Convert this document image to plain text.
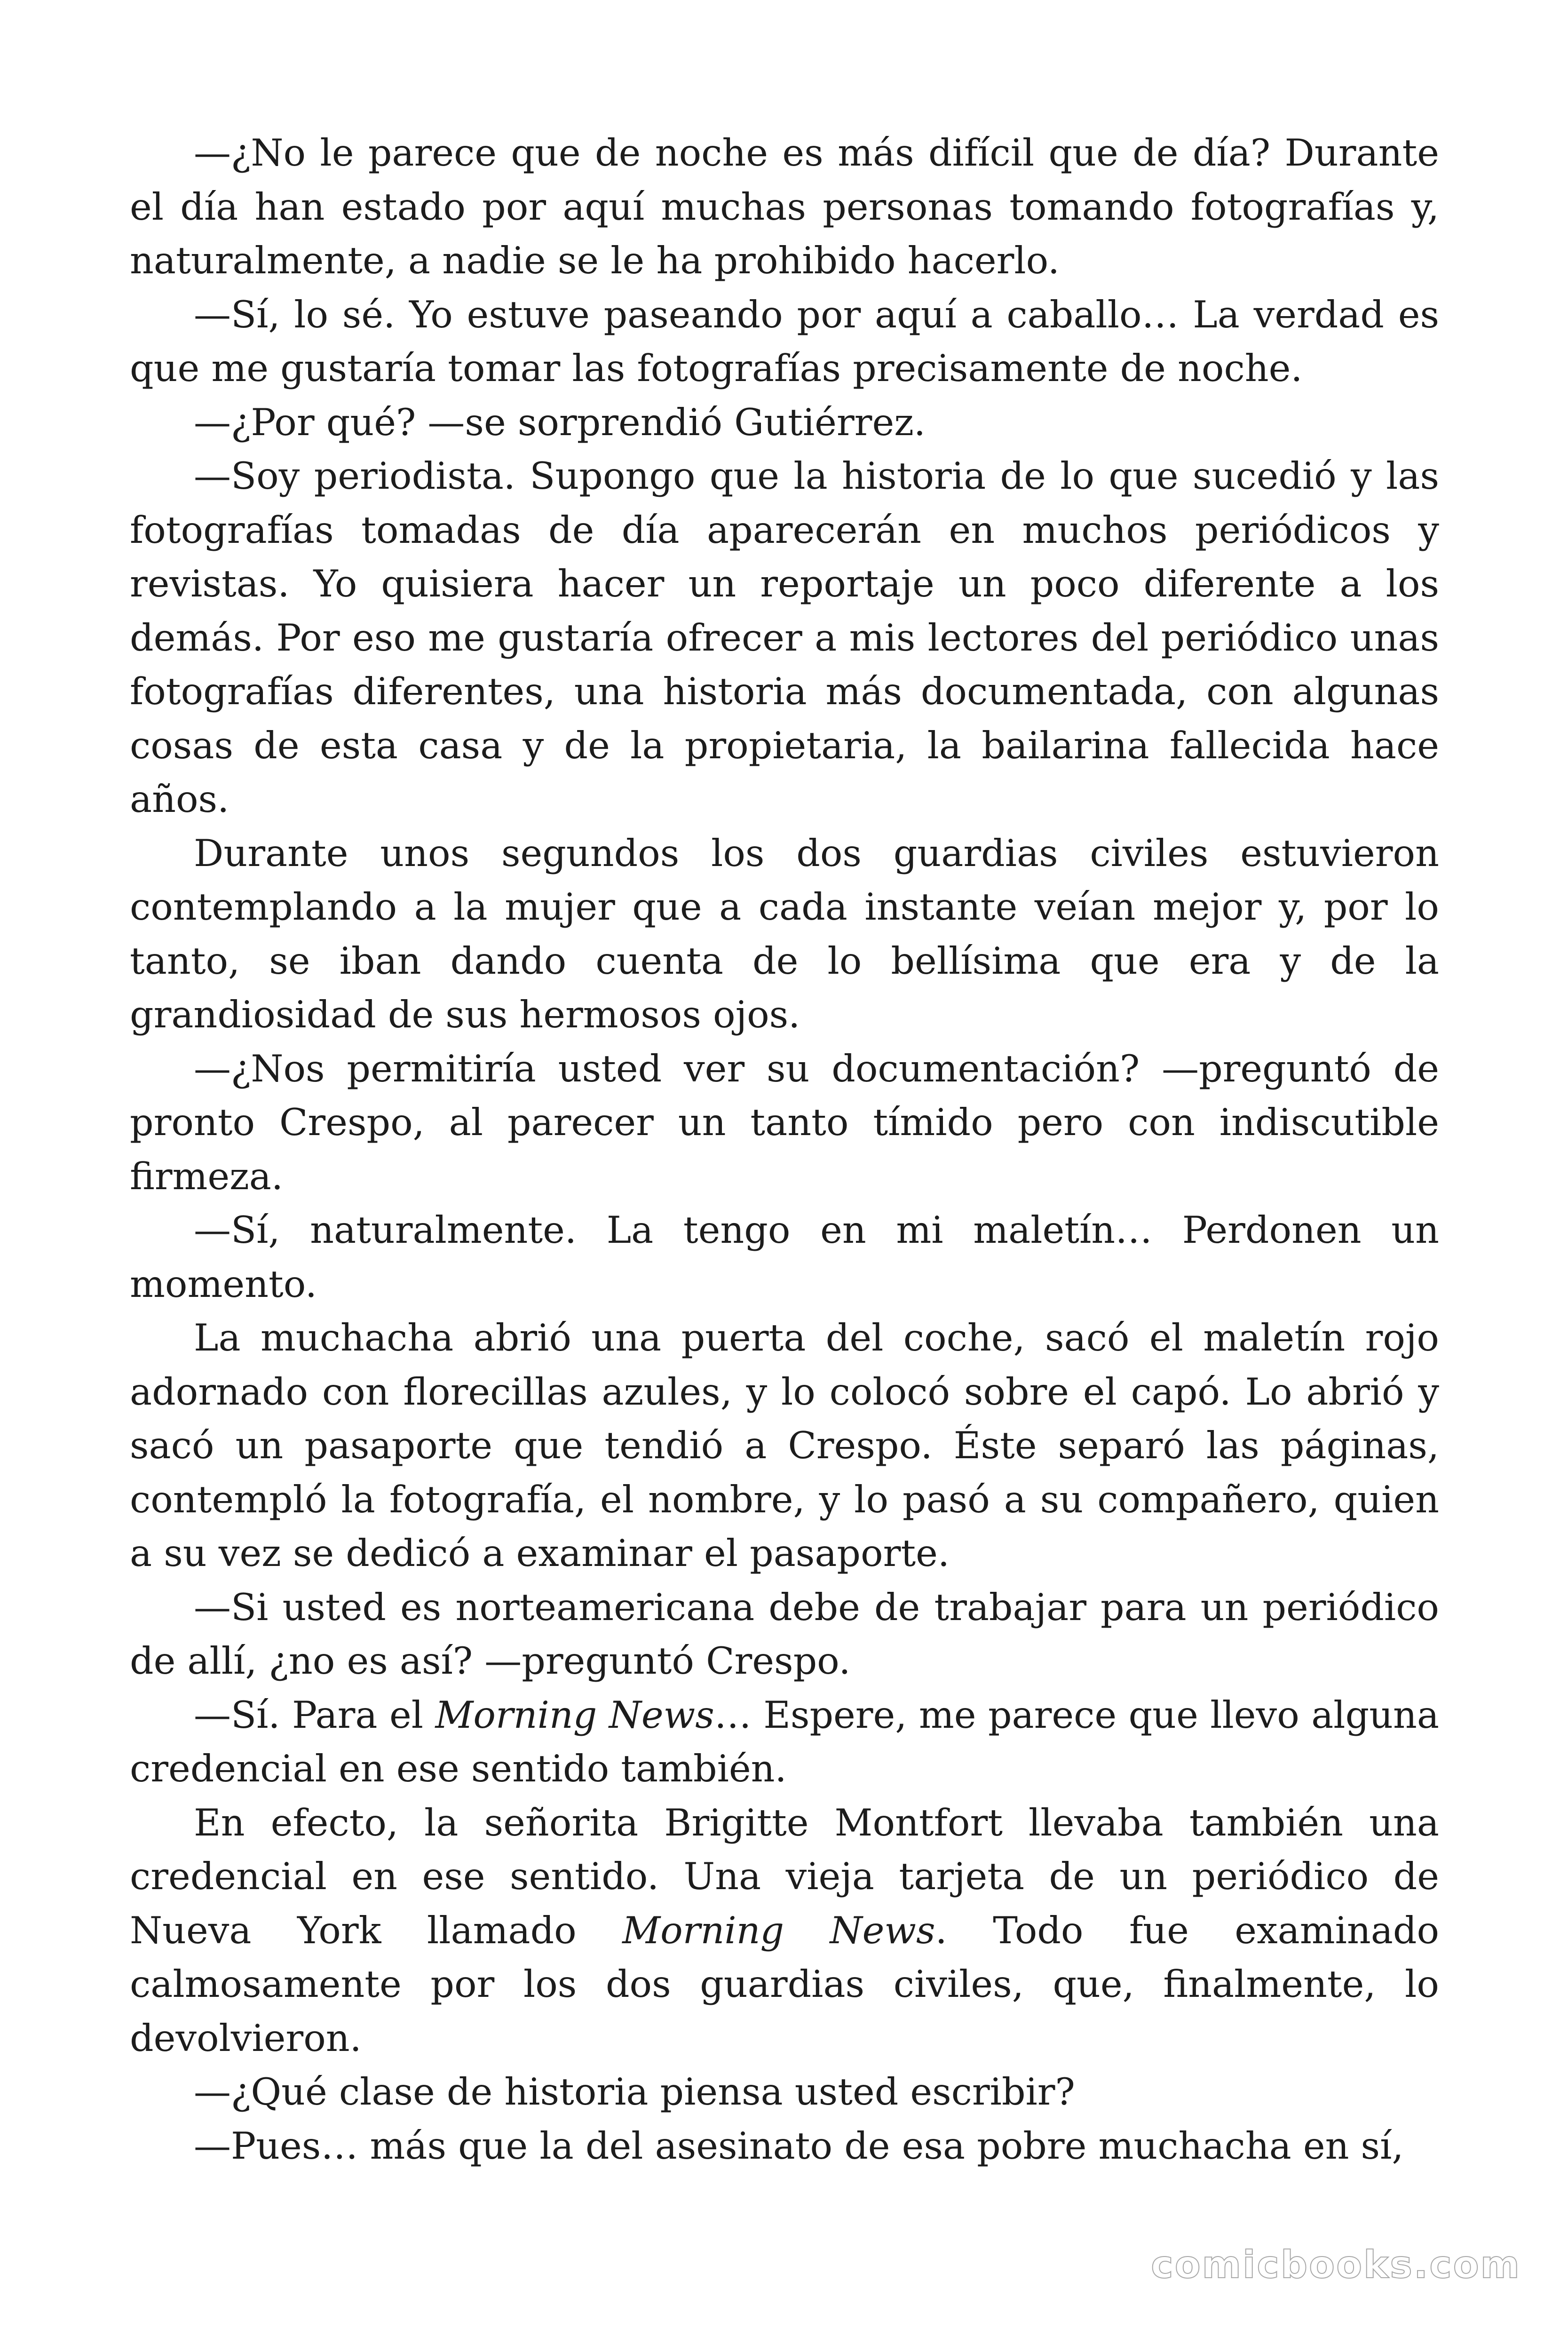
—¿No le parece que de noche es más difícil que de día? Durante el día han estado por aquí muchas personas tomando fotografías y, naturalmente, a nadie se le ha prohibido hacerlo.

—Sí, lo sé. Yo estuve paseando por aquí a caballo… La verdad es que me gustaría tomar las fotografías precisamente de noche.

—¿Por qué? —se sorprendió Gutiérrez.

—Soy periodista. Supongo que la historia de lo que sucedió y las fotografías tomadas de día aparecerán en muchos periódicos y revistas. Yo quisiera hacer un reportaje un poco diferente a los demás. Por eso me gustaría ofrecer a mis lectores del periódico unas fotografías diferentes, una historia más documentada, con algunas cosas de esta casa y de la propietaria, la bailarina fallecida hace años.

Durante unos segundos los dos guardias civiles estuvieron contemplando a la mujer que a cada instante veían mejor y, por lo tanto, se iban dando cuenta de lo bellísima que era y de la grandiosidad de sus hermosos ojos.

—¿Nos permitiría usted ver su documentación? —preguntó de pronto Crespo, al parecer un tanto tímido pero con indiscutible firmeza.

—Sí, naturalmente. La tengo en mi maletín… Perdonen un momento.

La muchacha abrió una puerta del coche, sacó el maletín rojo adornado con florecillas azules, y lo colocó sobre el capó. Lo abrió y sacó un pasaporte que tendió a Crespo. Éste separó las páginas, contempló la fotografía, el nombre, y lo pasó a su compañero, quien a su vez se dedicó a examinar el pasaporte.

—Si usted es norteamericana debe de trabajar para un periódico de allí, ¿no es así? —preguntó Crespo.

—Sí. Para el Morning News… Espere, me parece que llevo alguna credencial en ese sentido también.

En efecto, la señorita Brigitte Montfort llevaba también una credencial en ese sentido. Una vieja tarjeta de un periódico de Nueva York llamado Morning News. Todo fue examinado calmosamente por los dos guardias civiles, que, finalmente, lo devolvieron.

—¿Qué clase de historia piensa usted escribir?

—Pues… más que la del asesinato de esa pobre muchacha en sí,

comicbooks.com
